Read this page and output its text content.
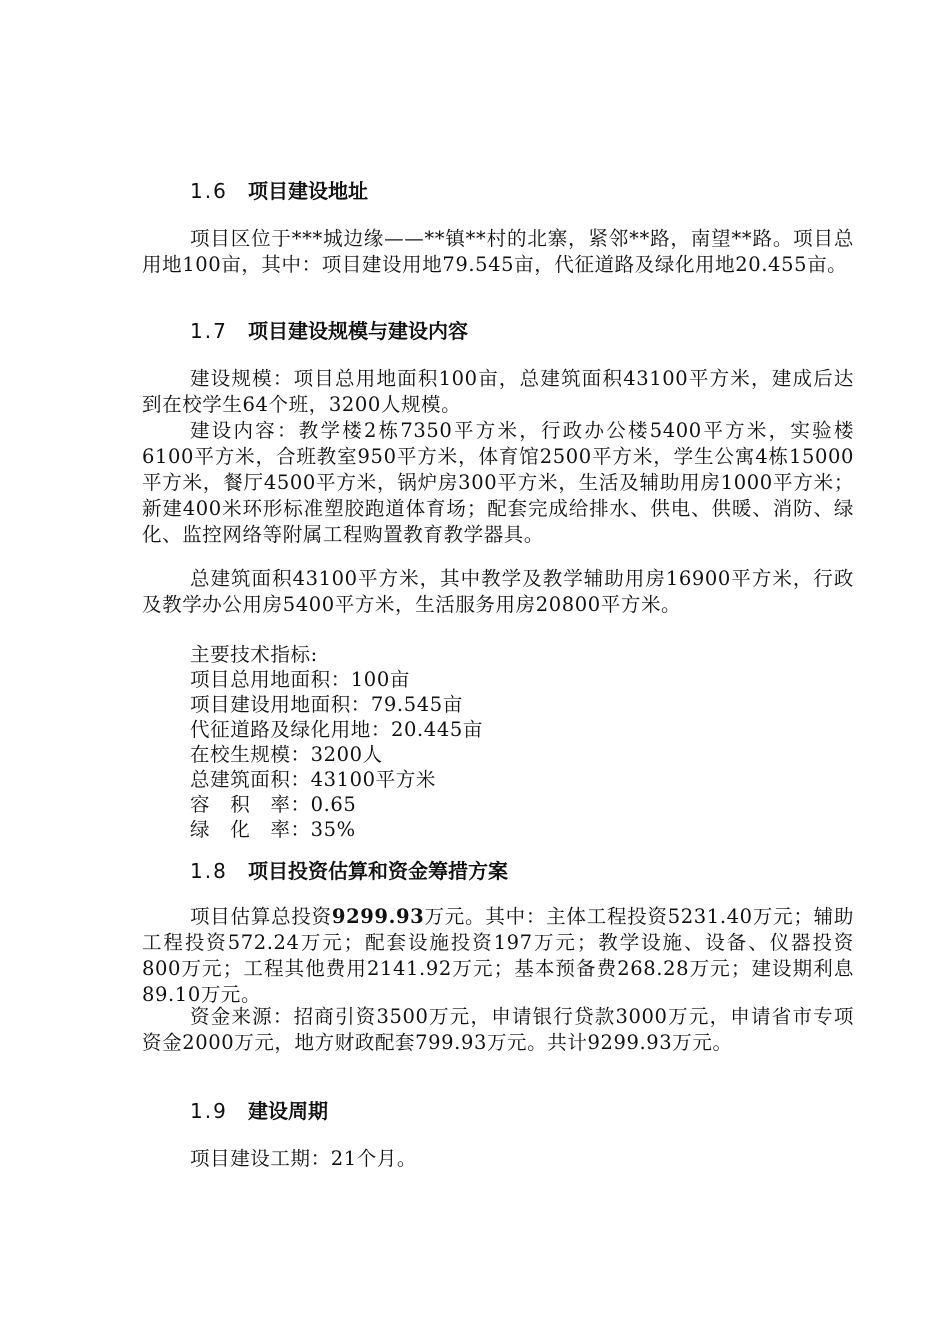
1.6 项目建设地址

项目区位于***城边缘——**镇**村的北寨，紧邻**路，南望**路。项目总用地100亩，其中：项目建设用地79.545亩，代征道路及绿化用地20.455亩。

1.7 项目建设规模与建设内容

建设规模：项目总用地面积100亩，总建筑面积43100平方米，建成后达到在校学生64个班，3200人规模。

建设内容：教学楼2栋7350平方米，行政办公楼5400平方米，实验楼6100平方米，合班教室950平方米，体育馆2500平方米，学生公寓4栋15000平方米，餐厅4500平方米，锅炉房300平方米，生活及辅助用房1000平方米；新建400米环形标准塑胶跑道体育场；配套完成给排水、供电、供暖、消防、绿化、监控网络等附属工程购置教育教学器具。

总建筑面积43100平方米，其中教学及教学辅助用房16900平方米，行政及教学办公用房5400平方米，生活服务用房20800平方米。

主要技术指标:
项目总用地面积：100亩
项目建设用地面积：79.545亩
代征道路及绿化用地：20.445亩
在校生规模：3200人
总建筑面积：43100平方米
容　积　率：0.65
绿　化　率：35%
1.8 项目投资估算和资金筹措方案

项目估算总投资9299.93万元。其中：主体工程投资5231.40万元；辅助工程投资572.24万元；配套设施投资197万元；教学设施、设备、仪器投资800万元；工程其他费用2141.92万元；基本预备费268.28万元；建设期利息89.10万元。

资金来源：招商引资3500万元，申请银行贷款3000万元，申请省市专项资金2000万元，地方财政配套799.93万元。共计9299.93万元。

1.9 建设周期

项目建设工期：21个月。
